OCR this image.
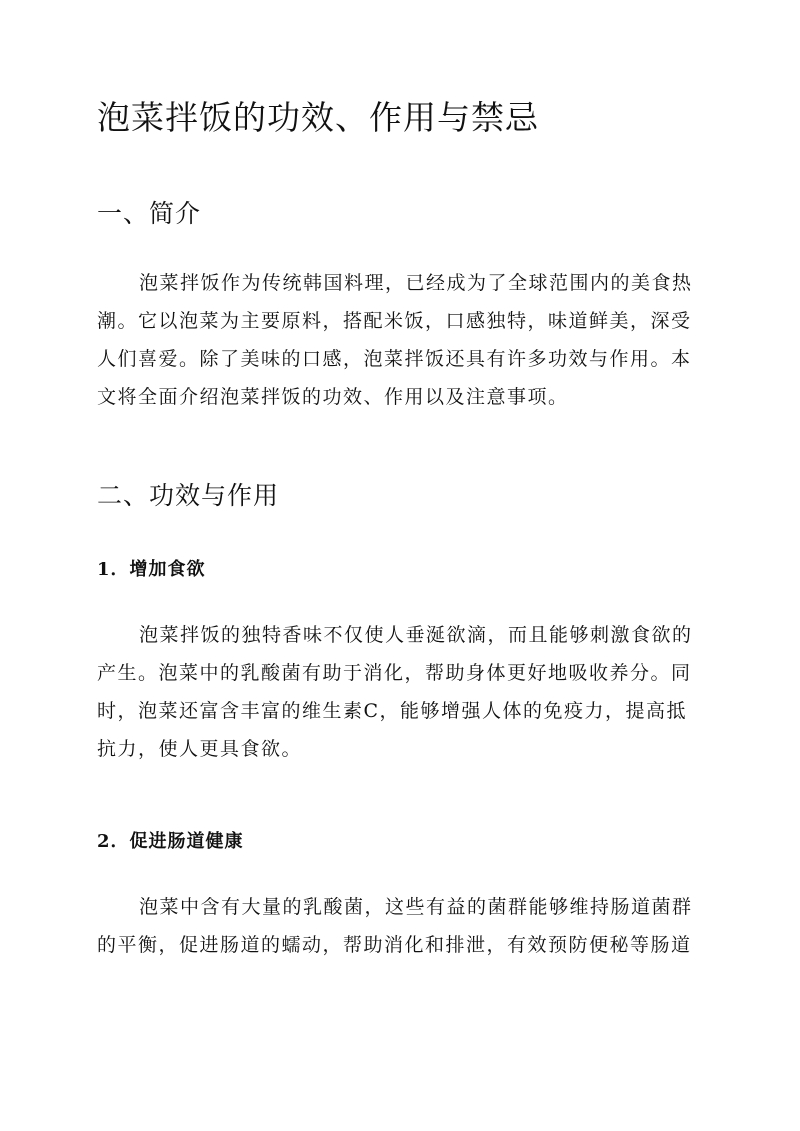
泡菜拌饭的功效、作用与禁忌
一、简介
泡菜拌饭作为传统韩国料理，已经成为了全球范围内的美食热
潮。它以泡菜为主要原料，搭配米饭，口感独特，味道鲜美，深受
人们喜爱。除了美味的口感，泡菜拌饭还具有许多功效与作用。本
文将全面介绍泡菜拌饭的功效、作用以及注意事项。
二、功效与作用
1．增加食欲
泡菜拌饭的独特香味不仅使人垂涎欲滴，而且能够刺激食欲的
产生。泡菜中的乳酸菌有助于消化，帮助身体更好地吸收养分。同
时，泡菜还富含丰富的维生素C，能够增强人体的免疫力，提高抵
抗力，使人更具食欲。
2．促进肠道健康
泡菜中含有大量的乳酸菌，这些有益的菌群能够维持肠道菌群
的平衡，促进肠道的蠕动，帮助消化和排泄，有效预防便秘等肠道
